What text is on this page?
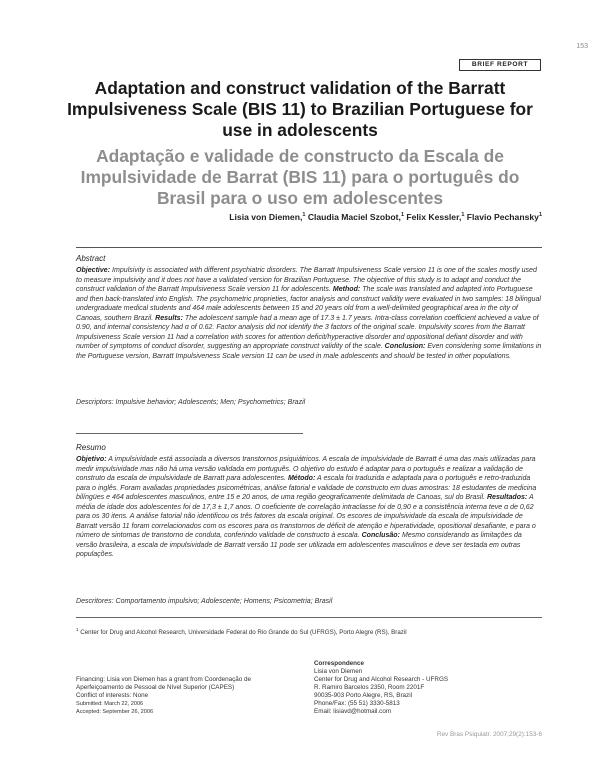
153
BRIEF REPORT
Adaptation and construct validation of the Barratt Impulsiveness Scale (BIS 11) to Brazilian Portuguese for use in adolescents
Adaptação e validade de constructo da Escala de Impulsividade de Barrat (BIS 11) para o português do Brasil para o uso em adolescentes
Lisia von Diemen,$^1$ Claudia Maciel Szobot,$^1$ Felix Kessler,$^1$ Flavio Pechansky$^1$
Abstract
Objective: Impulsivity is associated with different psychiatric disorders. The Barratt Impulsiveness Scale version 11 is one of the scales mostly used to measure impulsivity and it does not have a validated version for Brazilian Portuguese. The objective of this study is to adapt and conduct the construct validation of the Barratt Impulsiveness Scale version 11 for adolescents. Method: The scale was translated and adapted into Portuguese and then back-translated into English. The psychometric proprieties, factor analysis and construct validity were evaluated in two samples: 18 bilingual undergraduate medical students and 464 male adolescents between 15 and 20 years old from a well-delimited geographical area in the city of Canoas, southern Brazil. Results: The adolescent sample had a mean age of 17.3 ± 1.7 years. Intra-class correlation coefficient achieved a value of 0.90, and internal consistency had α of 0.62. Factor analysis did not identify the 3 factors of the original scale. Impulsivity scores from the Barratt Impulsiveness Scale version 11 had a correlation with scores for attention deficit/hyperactive disorder and oppositional defiant disorder and with number of symptoms of conduct disorder, suggesting an appropriate construct validity of the scale. Conclusion: Even considering some limitations in the Portuguese version, Barratt Impulsiveness Scale version 11 can be used in male adolescents and should be tested in other populations.
Descriptors: Impulsive behavior; Adolescents; Men; Psychometrics; Brazil
Resumo
Objetivo: A impulsividade está associada a diversos transtornos psiquiátricos. A escala de impulsividade de Barratt é uma das mais utilizadas para medir impulsividade mas não há uma versão validada em português. O objetivo do estudo é adaptar para o português e realizar a validação de construto da escala de impulsividade de Barratt para adolescentes. Método: A escala foi traduzida e adaptada para o português e retro-traduzida para o inglês. Foram avaliadas propriedades psicométricas, análise fatorial e validade de constructo em duas amostras: 18 estudantes de medicina bilíngües e 464 adolescentes masculinos, entre 15 e 20 anos, de uma região geograficamente delimitada de Canoas, sul do Brasil. Resultados: A média de idade dos adolescentes foi de 17,3 ± 1,7 anos. O coeficiente de correlação intraclasse foi de 0,90 e a consistência interna teve α de 0,62 para os 30 itens. A análise fatorial não identificou os três fatores da escala original. Os escores de impulsividade da escala de impulsividade de Barratt versão 11 foram correlacionados com os escores para os transtornos de déficit de atenção e hiperatividade, opositional desafiante, e para o número de sintomas de transtorno de conduta, conferindo validade de constructo à escala. Conclusão: Mesmo considerando as limitações da versão brasileira, a escala de impulsividade de Barratt versão 11 pode ser utilizada em adolescentes masculinos e deve ser testada em outras populações.
Descritores: Comportamento impulsivo; Adolescente; Homens; Psicometria; Brasil
$^1$ Center for Drug and Alcohol Research, Universidade Federal do Rio Grande do Sul (UFRGS), Porto Alegre (RS), Brazil
Financing: Lisia von Diemen has a grant from Coordenação de Aperfeiçoamento de Pessoal de Nível Superior (CAPES)
Conflict of interests: None
Submitted: March 22, 2006
Accepted: September 26, 2006
Correspondence
Lisia von Diemen
Center for Drug and Alcohol Research - UFRGS
R. Ramiro Barcelos 2350, Room 2201F
90035-903 Porto Alegre, RS, Brazil
Phone/Fax: (55 51) 3330-5813
Email: lisiavd@hotmail.com
Rev Bras Psiquiatr. 2007;29(2):153-6
